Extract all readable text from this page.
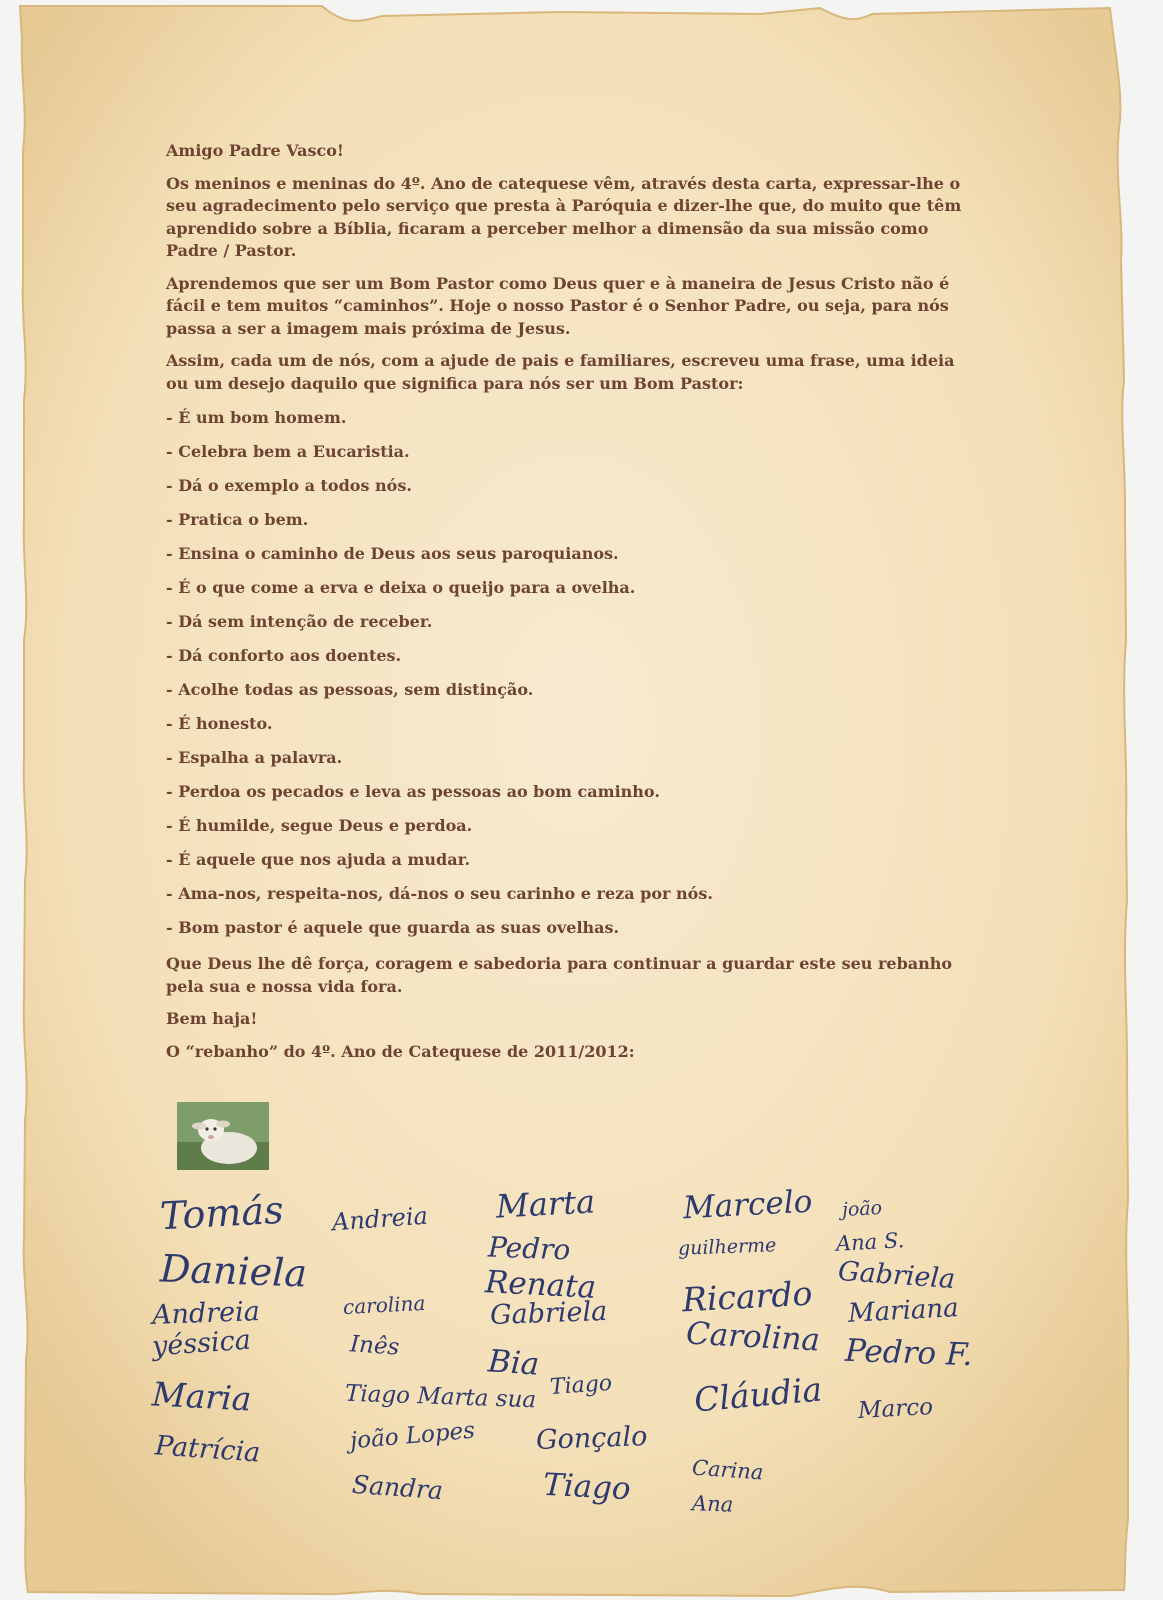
Amigo Padre Vasco!

Os meninos e meninas do 4º. Ano de catequese vêm, através desta carta, expressar-lhe o seu agradecimento pelo serviço que presta à Paróquia e dizer-lhe que, do muito que têm aprendido sobre a Bíblia, ficaram a perceber melhor a dimensão da sua missão como Padre / Pastor.

Aprendemos que ser um Bom Pastor como Deus quer e à maneira de Jesus Cristo não é fácil e tem muitos “caminhos”. Hoje o nosso Pastor é o Senhor Padre, ou seja, para nós passa a ser a imagem mais próxima de Jesus.

Assim, cada um de nós, com a ajude de pais e familiares, escreveu uma frase, uma ideia ou um desejo daquilo que significa para nós ser um Bom Pastor:

- É um bom homem.
- Celebra bem a Eucaristia.
- Dá o exemplo a todos nós.
- Pratica o bem.
- Ensina o caminho de Deus aos seus paroquianos.
- É o que come a erva e deixa o queijo para a ovelha.
- Dá sem intenção de receber.
- Dá conforto aos doentes.
- Acolhe todas as pessoas, sem distinção.
- É honesto.
- Espalha a palavra.
- Perdoa os pecados e leva as pessoas ao bom caminho.
- É humilde, segue Deus e perdoa.
- É aquele que nos ajuda a mudar.
- Ama-nos, respeita-nos, dá-nos o seu carinho e reza por nós.
- Bom pastor é aquele que guarda as suas ovelhas.

Que Deus lhe dê força, coragem e sabedoria para continuar a guardar este seu rebanho pela sua e nossa vida fora.

Bem haja!

O “rebanho” do 4º. Ano de Catequese de 2011/2012:

Tomás
Daniela
Andreia
yéssica
Maria
Patrícia
Andreia
carolina
Inês
Tiago Marta sua
joão Lopes
Sandra
Marta
Pedro
Renata
Gabriela
Bia
Tiago
Gonçalo
Tiago
Marcelo
guilherme
Ricardo
Carolina
Cláudia
Carina
Ana
joão
Ana S.
Gabriela
Mariana
Pedro F.
Marco
